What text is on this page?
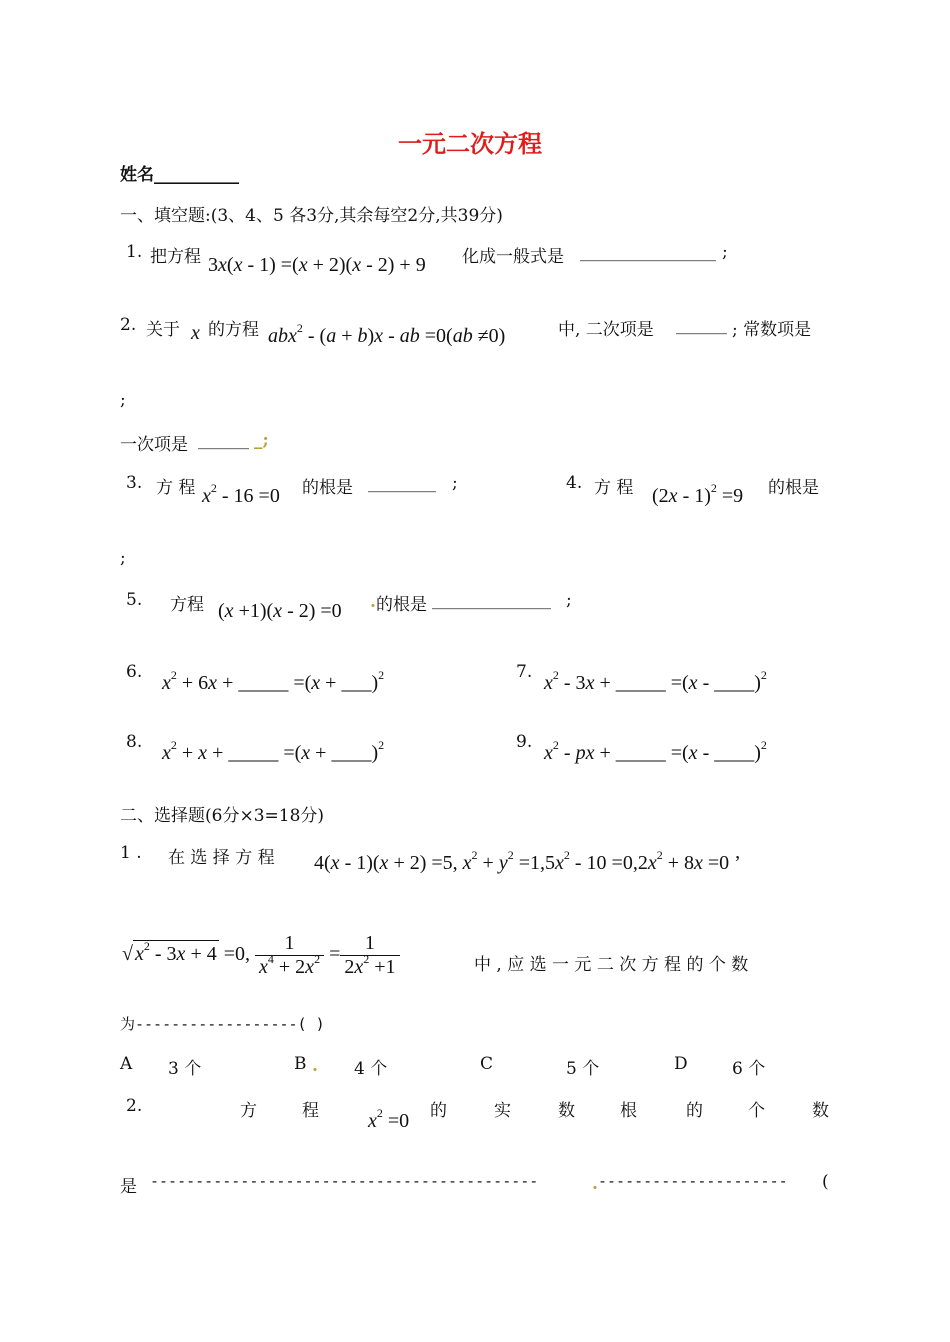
一元二次方程
姓名__________
一、填空题:(3、4、5 各3分,其余每空2分,共39分)
1. 把方程 3x(x - 1) =(x + 2)(x - 2) + 9 化成一般式是 ________________ ;
2. 关于 x 的方程 abx$^2$ - (a + b)x - ab =0(ab ≠0)	中, 二次项是 ______ ; 常数项是
;
一次项是 ______ _;
3. 方 程 $x^2 - 16 =0$ 的根是 ________ ;	4. 方 程 (2x - 1)$^2$ =9 的根是
;
5. 方程 (x +1)(x - 2) =0 . 的根是 ______________ ;
6. $x^2 + 6x$ + _____ =(x + ___)$^2$	7. $x^2 - 3x$ + _____ =(x - ____)$^2$
8. $x^2 + x$ + _____ =(x + ____)$^2$	9. $x^2$ - px + _____ =(x - ____)$^2$
二、选择题(6分×3=18分)
1 . 在 选 择 方 程 4(x - 1)(x + 2) =5, $x^2 + y^2 =1,5x^2 - 10 =0,2x^2 + 8x =0$ ’
√ $x^2 - 3x + 4 =0$, $\frac{1}{x^4 + 2x^2} = \frac{1}{2x^2 +1}$	中 , 应 选 一 元 二 次 方 程 的 个 数
为------------------( )
A 3 个	B . 4 个	C	5 个	D	6 个
2.	方	程 $x^2 =0$ 的	实	数	根	的	个	数
是 -------------------------------------------	. --------------------- (
